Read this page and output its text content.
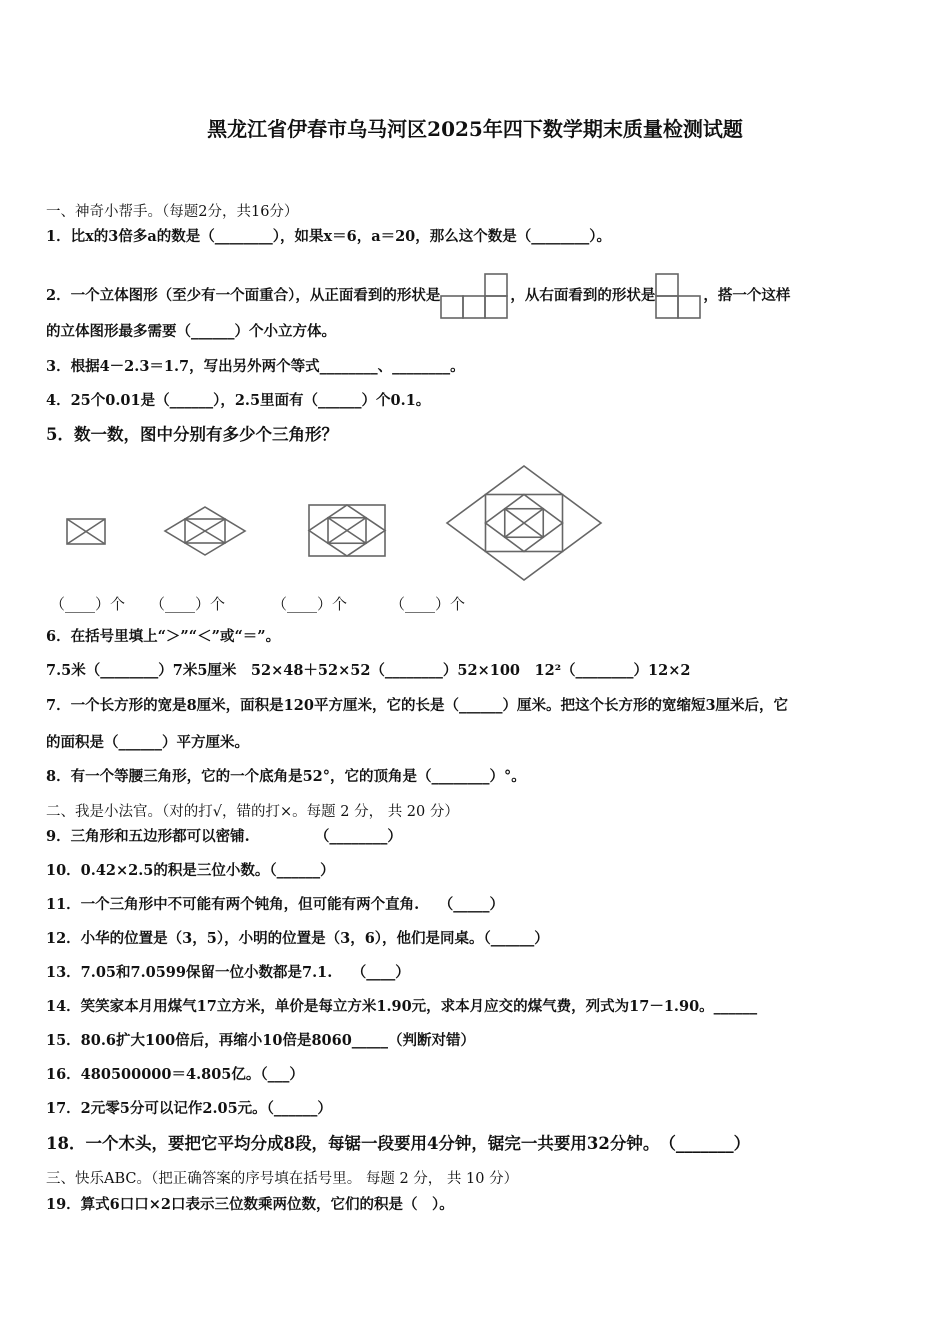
黑龙江省伊春市乌马河区2025年四下数学期末质量检测试题
一、神奇小帮手。（每题2分，共16分）
1．比x的3倍多a的数是（________），如果x＝6，a＝20，那么这个数是（________）。
2．一个立体图形（至少有一个面重合），从正面看到的形状是	，从右面看到的形状是	，搭一个这样
的立体图形最多需要（______）个小立方体。
3．根据4－2.3＝1.7，写出另外两个等式________、________。
4．25个0.01是（______），2.5里面有（______）个0.1。
5．数一数，图中分别有多少个三角形？
（____）个 （____）个	（____）个	（____）个
6．在括号里填上“＞”“＜”或“＝”。
7.5米（________）7米5厘米　52×48＋52×52（________）52×100　12²（________）12×2
7．一个长方形的宽是8厘米，面积是120平方厘米，它的长是（______）厘米。把这个长方形的宽缩短3厘米后，它
的面积是（______）平方厘米。
8．有一个等腰三角形，它的一个底角是52°，它的顶角是（________）°。
二、我是小法官。（对的打√，错的打×。每题 2 分， 共 20 分）
9．三角形和五边形都可以密铺.　　　　　（________）
10．0.42×2.5的积是三位小数。（______）
11．一个三角形中不可能有两个钝角，但可能有两个直角.　 （_____）
12．小华的位置是（3，5），小明的位置是（3，6），他们是同桌。（______）
13．7.05和7.0599保留一位小数都是7.1.　 （____）
14．笑笑家本月用煤气17立方米，单价是每立方米1.90元，求本月应交的煤气费，列式为17－1.90。______
15．80.6扩大100倍后，再缩小10倍是8060_____（判断对错）
16．480500000＝4.805亿。（___）
17．2元零5分可以记作2.05元。（______）
18．一个木头，要把它平均分成8段，每锯一段要用4分钟，锯完一共要用32分钟。　（_______）
三、快乐ABC。（把正确答案的序号填在括号里。 每题 2 分， 共 10 分）
19．算式6口口×2口表示三位数乘两位数，它们的积是（　）。
